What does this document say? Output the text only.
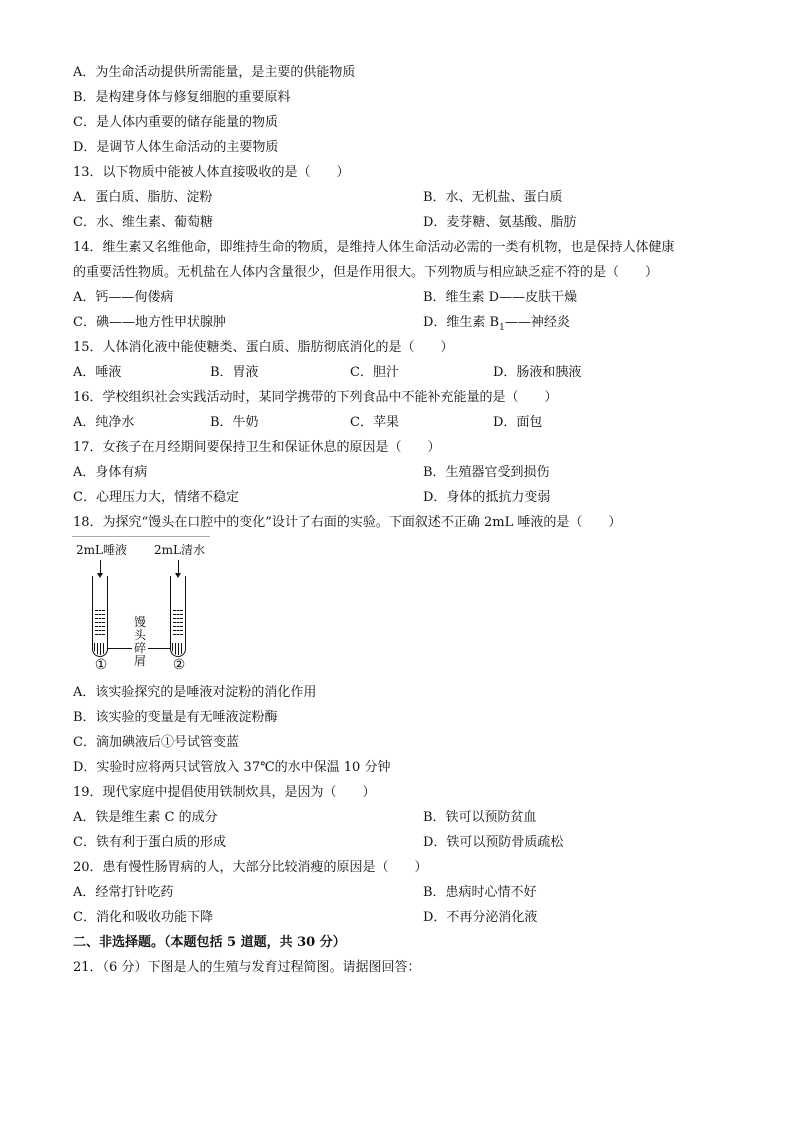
A．为生命活动提供所需能量，是主要的供能物质
B．是构建身体与修复细胞的重要原料
C．是人体内重要的储存能量的物质
D．是调节人体生命活动的主要物质
13．以下物质中能被人体直接吸收的是（　　）
A．蛋白质、脂肪、淀粉	B．水、无机盐、蛋白质
C．水、维生素、葡萄糖	D．麦芽糖、氨基酸、脂肪
14．维生素又名维他命，即维持生命的物质，是维持人体生命活动必需的一类有机物，也是保持人体健康
的重要活性物质。无机盐在人体内含量很少，但是作用很大。下列物质与相应缺乏症不符的是（　　）
A．钙——佝偻病	B．维生素 D——皮肤干燥
C．碘——地方性甲状腺肿	D．维生素 $B_1——$神经炎
15．人体消化液中能使糖类、蛋白质、脂肪彻底消化的是（　　）
A．唾液	B．胃液	C．胆汁	D．肠液和胰液
16．学校组织社会实践活动时，某同学携带的下列食品中不能补充能量的是（　　）
A．纯净水	B．牛奶	C．苹果	D．面包
17．女孩子在月经期间要保持卫生和保证休息的原因是（　　）
A．身体有病	B．生殖器官受到损伤
C．心理压力大，情绪不稳定	D．身体的抵抗力变弱
18．为探究“馒头在口腔中的变化”设计了右面的实验。下面叙述不正确 2mL 唾液的是（　　）
2mL唾液 2mL清水
①	②
馒
头
碎
屑
A．该实验探究的是唾液对淀粉的消化作用
B．该实验的变量是有无唾液淀粉酶
C．滴加碘液后①号试管变蓝
D．实验时应将两只试管放入 37℃的水中保温 10 分钟
19．现代家庭中提倡使用铁制炊具，是因为（　　）
A．铁是维生素 C 的成分	B．铁可以预防贫血
C．铁有利于蛋白质的形成	D．铁可以预防骨质疏松
20．患有慢性肠胃病的人，大部分比较消瘦的原因是（　　）
A．经常打针吃药	B．患病时心情不好
C．消化和吸收功能下降	D．不再分泌消化液
二、非选择题。（本题包括 5 道题，共 30 分）
21．（6 分）下图是人的生殖与发育过程简图。请据图回答：
